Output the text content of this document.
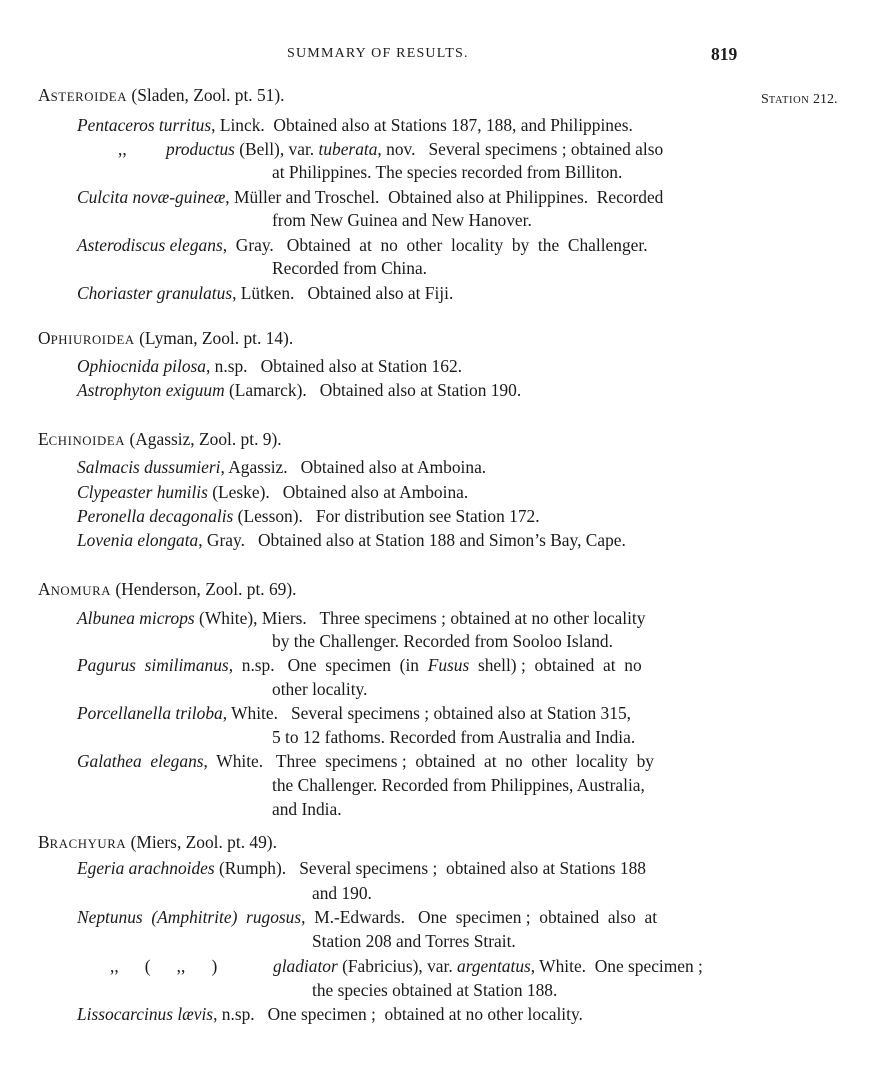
SUMMARY OF RESULTS.	819
STATION 212.
ASTEROIDEA (Sladen, Zool. pt. 51).
Pentaceros turritus, Linck.  Obtained also at Stations 187, 188, and Philippines.
,, productus (Bell), var. tuberata, nov.   Several specimens ; obtained also
at Philippines. The species recorded from Billiton.
Culcita novæ-guineæ, Müller and Troschel.  Obtained also at Philippines.  Recorded
from New Guinea and New Hanover.
Asterodiscus elegans,  Gray.   Obtained  at  no  other  locality  by  the  Challenger.
Recorded from China.
Choriaster granulatus, Lütken.   Obtained also at Fiji.
OPHIUROIDEA (Lyman, Zool. pt. 14).
Ophiocnida pilosa, n.sp.   Obtained also at Station 162.
Astrophyton exiguum (Lamarck).   Obtained also at Station 190.
ECHINOIDEA (Agassiz, Zool. pt. 9).
Salmacis dussumieri, Agassiz.   Obtained also at Amboina.
Clypeaster humilis (Leske).   Obtained also at Amboina.
Peronella decagonalis (Lesson).   For distribution see Station 172.
Lovenia elongata, Gray.   Obtained also at Station 188 and Simon’s Bay, Cape.
ANOMURA (Henderson, Zool. pt. 69).
Albunea microps (White), Miers.   Three specimens ; obtained at no other locality
by the Challenger. Recorded from Sooloo Island.
Pagurus  similimanus,  n.sp.   One  specimen  (in  Fusus  shell) ;  obtained  at  no
other locality.
Porcellanella triloba, White.   Several specimens ; obtained also at Station 315,
5 to 12 fathoms. Recorded from Australia and India.
Galathea  elegans,  White.   Three  specimens ;  obtained  at  no  other  locality  by
the Challenger. Recorded from Philippines, Australia,
and India.
BRACHYURA (Miers, Zool. pt. 49).
Egeria arachnoides (Rumph).   Several specimens ;  obtained also at Stations 188
and 190.
Neptunus  (Amphitrite)  rugosus,  M.-Edwards.   One  specimen ;  obtained  also  at
Station 208 and Torres Strait.
,,      (      ,,      )	gladiator (Fabricius), var. argentatus, White.  One specimen ;
the species obtained at Station 188.
Lissocarcinus lævis, n.sp.   One specimen ;  obtained at no other locality.
